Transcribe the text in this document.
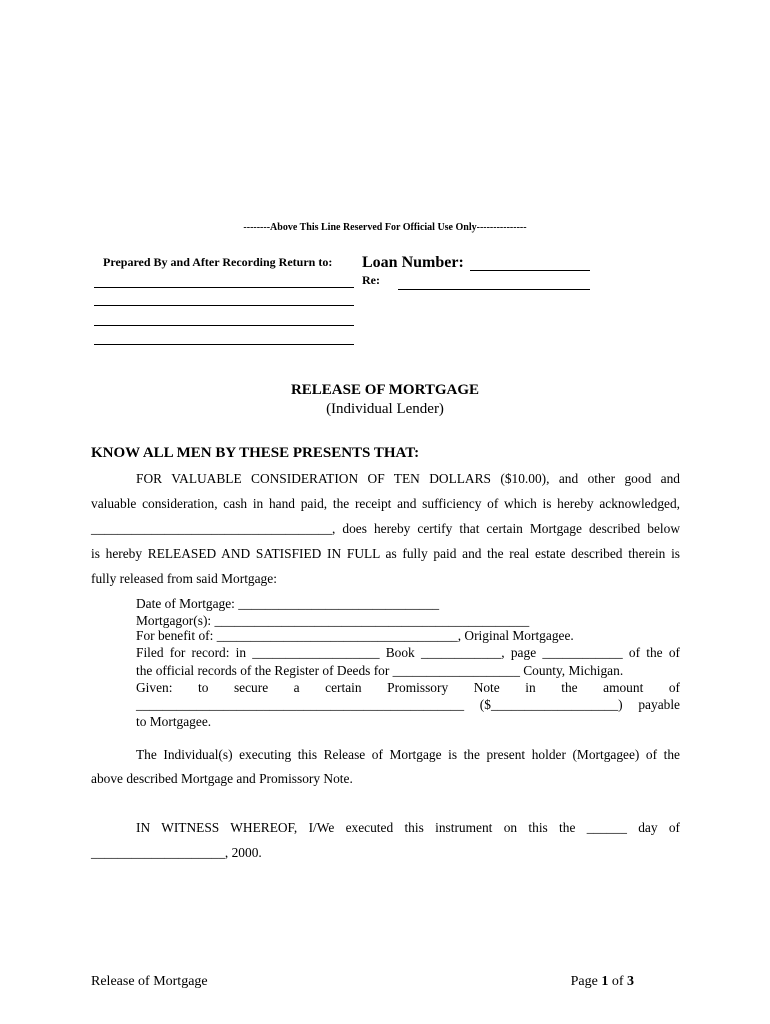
--------Above This Line Reserved For Official Use Only---------------
Prepared By and After Recording Return to: Loan Number:
Re:
RELEASE OF MORTGAGE
(Individual Lender)
KNOW ALL MEN BY THESE PRESENTS THAT:
FOR VALUABLE CONSIDERATION OF TEN DOLLARS ($10.00), and other good and
valuable consideration, cash in hand paid, the receipt and sufficiency of which is hereby acknowledged,
____________________________________, does hereby certify that certain Mortgage described below
is hereby RELEASED AND SATISFIED IN FULL as fully paid and the real estate described therein is
fully released from said Mortgage:
Date of Mortgage: ______________________________
Mortgagor(s): _______________________________________________
For benefit of: ____________________________________, Original Mortgagee.
Filed for record: in ___________________ Book ____________, page ____________ of the of
the official records of the Register of Deeds for ___________________ County, Michigan.
Given: to secure a certain Promissory Note in the amount of
_________________________________________________ ($___________________) payable
to Mortgagee.
The Individual(s) executing this Release of Mortgage is the present holder (Mortgagee) of the
above described Mortgage and Promissory Note.
IN WITNESS WHEREOF, I/We executed this instrument on this the ______ day of
____________________, 2000.
Release of Mortgage	Page 1 of 3
